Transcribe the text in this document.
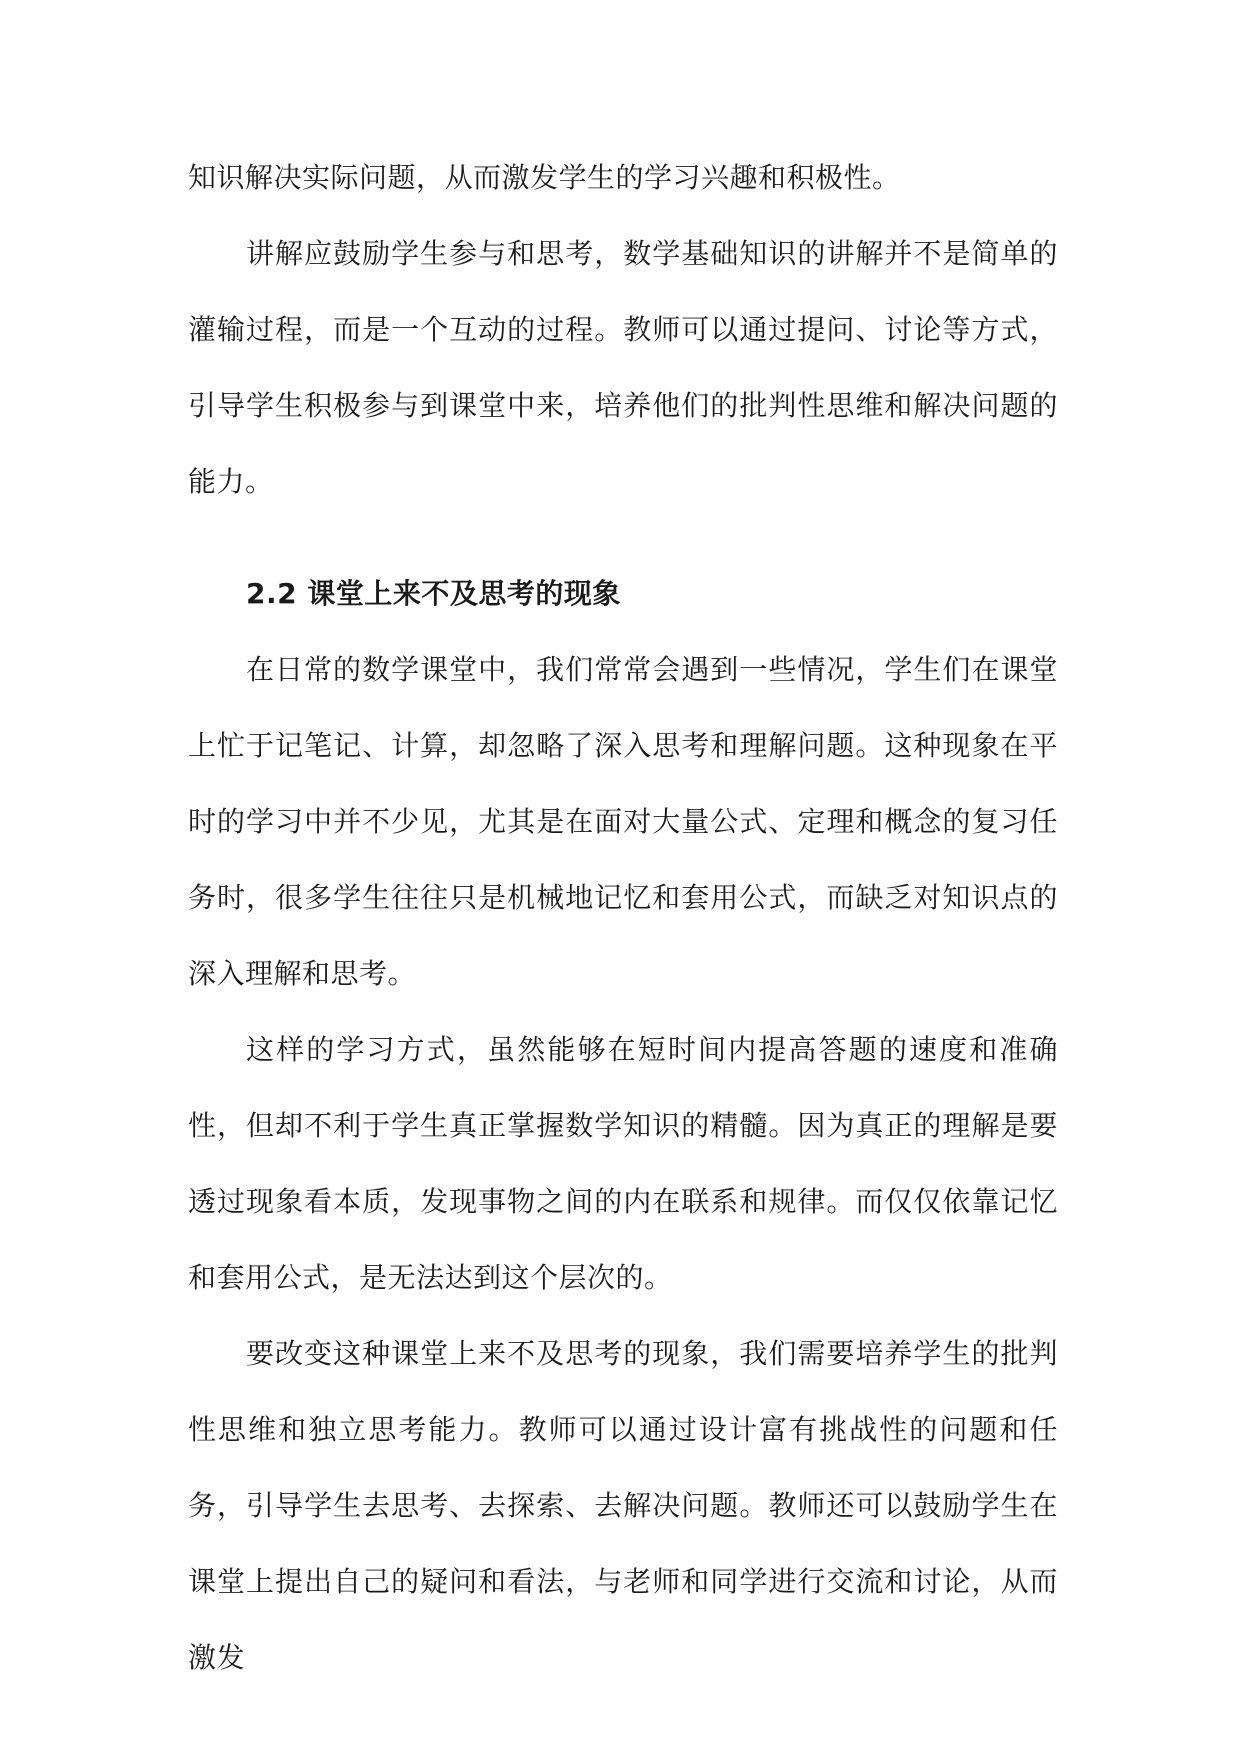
知识解决实际问题，从而激发学生的学习兴趣和积极性。

讲解应鼓励学生参与和思考，数学基础知识的讲解并不是简单的灌输过程，而是一个互动的过程。教师可以通过提问、讨论等方式，引导学生积极参与到课堂中来，培养他们的批判性思维和解决问题的能力。

2.2 课堂上来不及思考的现象

在日常的数学课堂中，我们常常会遇到一些情况，学生们在课堂上忙于记笔记、计算，却忽略了深入思考和理解问题。这种现象在平时的学习中并不少见，尤其是在面对大量公式、定理和概念的复习任务时，很多学生往往只是机械地记忆和套用公式，而缺乏对知识点的深入理解和思考。

这样的学习方式，虽然能够在短时间内提高答题的速度和准确性，但却不利于学生真正掌握数学知识的精髓。因为真正的理解是要透过现象看本质，发现事物之间的内在联系和规律。而仅仅依靠记忆和套用公式，是无法达到这个层次的。

要改变这种课堂上来不及思考的现象，我们需要培养学生的批判性思维和独立思考能力。教师可以通过设计富有挑战性的问题和任务，引导学生去思考、去探索、去解决问题。教师还可以鼓励学生在课堂上提出自己的疑问和看法，与老师和同学进行交流和讨论，从而激发
